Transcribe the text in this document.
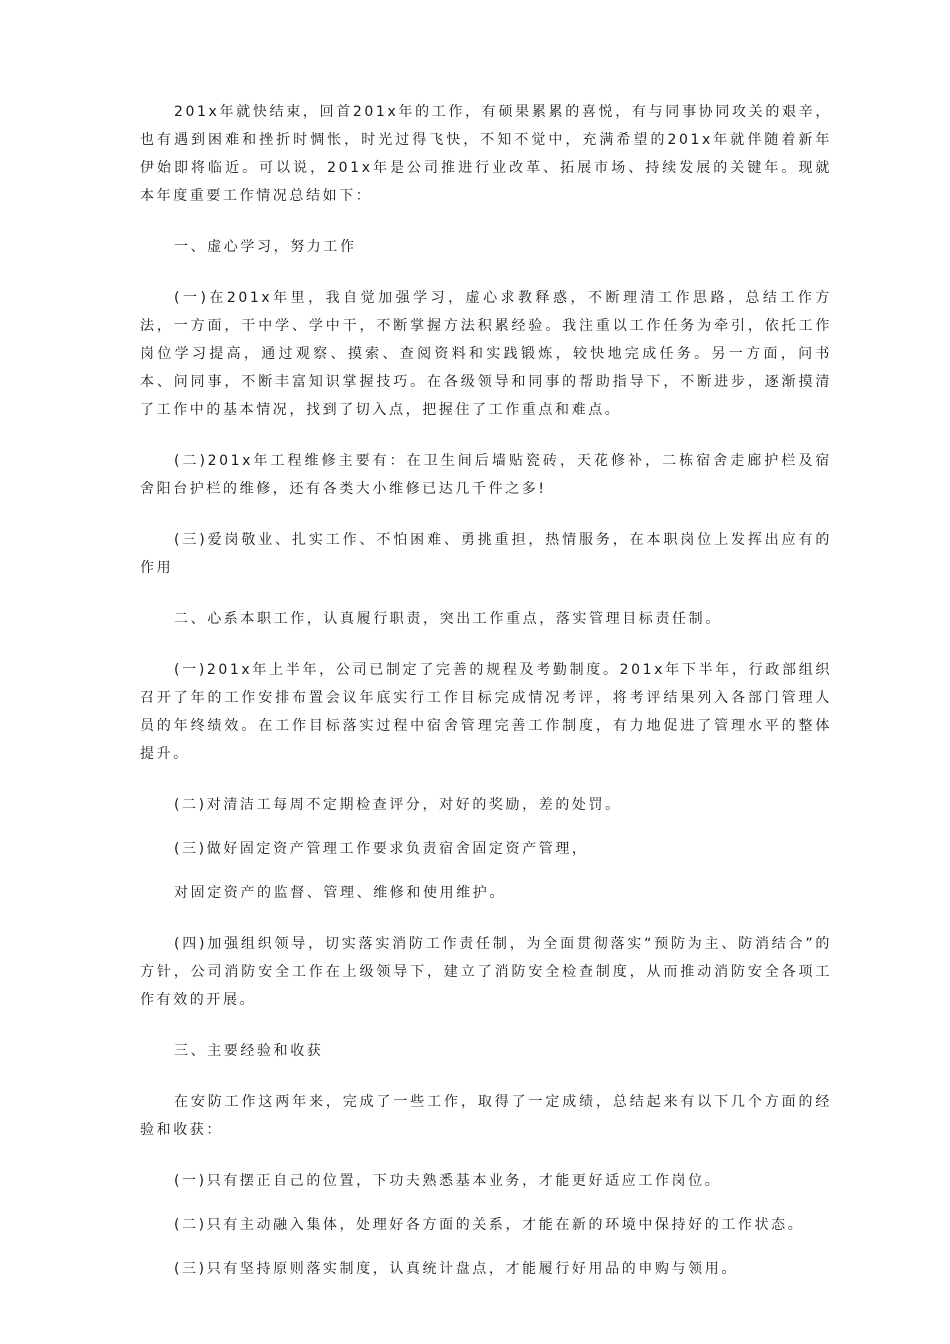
201x年就快结束，回首201x年的工作，有硕果累累的喜悦，有与同事协同攻关的艰辛，也有遇到困难和挫折时惆怅，时光过得飞快，不知不觉中，充满希望的201x年就伴随着新年伊始即将临近。可以说，201x年是公司推进行业改革、拓展市场、持续发展的关键年。现就本年度重要工作情况总结如下：

一、虚心学习，努力工作

(一)在201x年里，我自觉加强学习，虚心求教释惑，不断理清工作思路，总结工作方法，一方面，干中学、学中干，不断掌握方法积累经验。我注重以工作任务为牵引，依托工作岗位学习提高，通过观察、摸索、查阅资料和实践锻炼，较快地完成任务。另一方面，问书本、问同事，不断丰富知识掌握技巧。在各级领导和同事的帮助指导下，不断进步，逐渐摸清了工作中的基本情况，找到了切入点，把握住了工作重点和难点。

(二)201x年工程维修主要有：在卫生间后墙贴瓷砖，天花修补，二栋宿舍走廊护栏及宿舍阳台护栏的维修，还有各类大小维修已达几千件之多!

(三)爱岗敬业、扎实工作、不怕困难、勇挑重担，热情服务，在本职岗位上发挥出应有的作用

二、心系本职工作，认真履行职责，突出工作重点，落实管理目标责任制。

(一)201x年上半年，公司已制定了完善的规程及考勤制度。201x年下半年，行政部组织召开了年的工作安排布置会议年底实行工作目标完成情况考评，将考评结果列入各部门管理人员的年终绩效。在工作目标落实过程中宿舍管理完善工作制度，有力地促进了管理水平的整体提升。

(二)对清洁工每周不定期检查评分，对好的奖励，差的处罚。

(三)做好固定资产管理工作要求负责宿舍固定资产管理，

对固定资产的监督、管理、维修和使用维护。

(四)加强组织领导，切实落实消防工作责任制，为全面贯彻落实“预防为主、防消结合”的方针，公司消防安全工作在上级领导下，建立了消防安全检查制度，从而推动消防安全各项工作有效的开展。

三、主要经验和收获

在安防工作这两年来，完成了一些工作，取得了一定成绩，总结起来有以下几个方面的经验和收获：

(一)只有摆正自己的位置，下功夫熟悉基本业务，才能更好适应工作岗位。

(二)只有主动融入集体，处理好各方面的关系，才能在新的环境中保持好的工作状态。

(三)只有坚持原则落实制度，认真统计盘点，才能履行好用品的申购与领用。
